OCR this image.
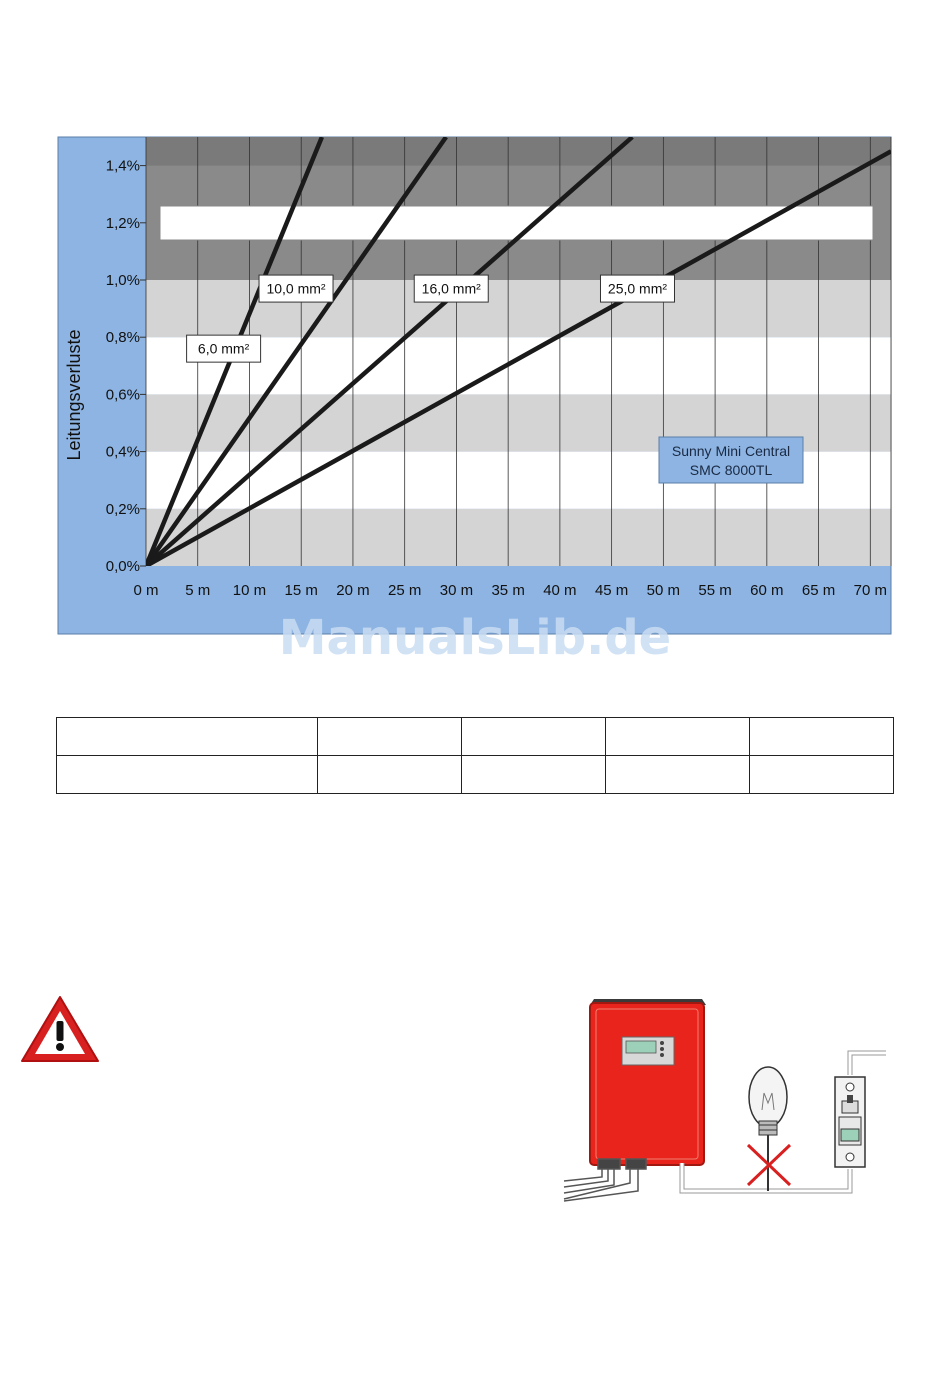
0,0%
0,2%
0,4%
0,6%
0,8%
1,0%
1,2%
1,4%
0 m 5 m 10 m 15 m 20 m 25 m 30 m 35 m 40 m 45 m 50 m 55 m 60 m 65 m 70 m
6,0 mm²
10,0 mm²	16,0 mm²	25,0 mm²
Leitungsverluste	Sunny Mini Central
SMC 8000TL
ManualsLib.de
